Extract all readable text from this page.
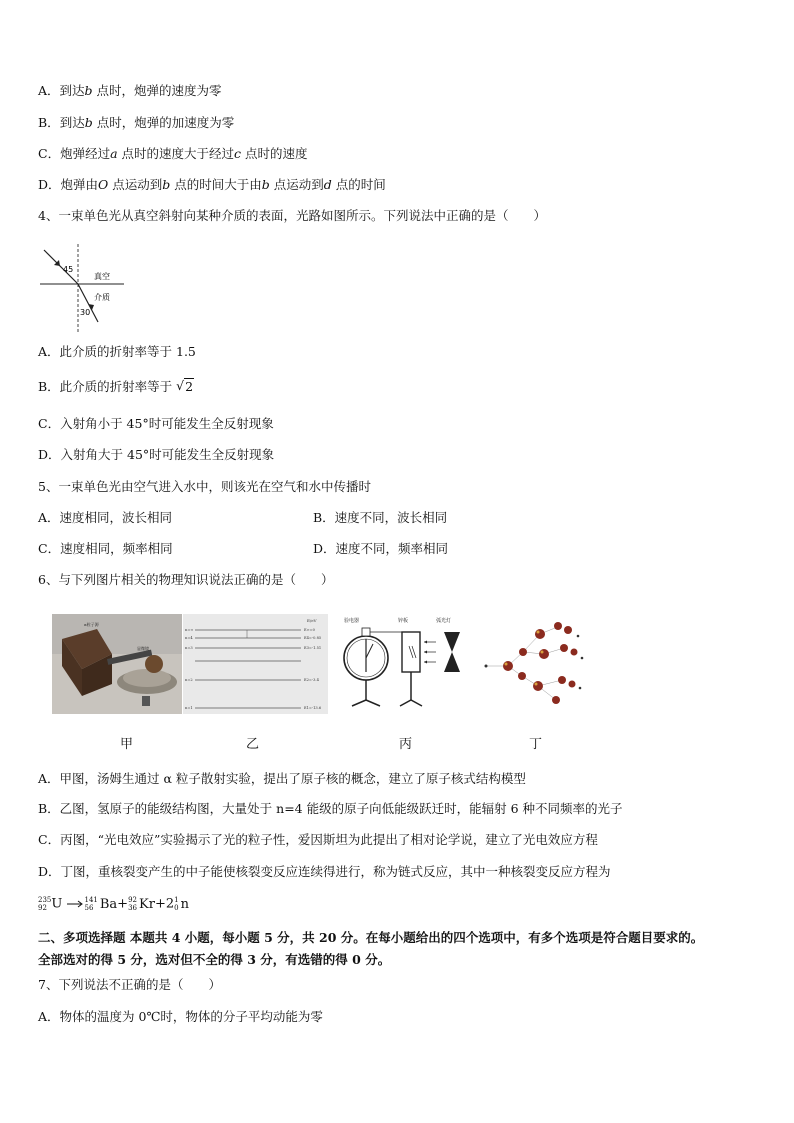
A．到达b 点时，炮弹的速度为零
B．到达b 点时，炮弹的加速度为零
C．炮弹经过a 点时的速度大于经过c 点时的速度
D．炮弹由O 点运动到b 点的时间大于由b 点运动到d 点的时间
4、一束单色光从真空斜射向某种介质的表面，光路如图所示。下列说法中正确的是（　　）
45
30
真空
介质
A．此介质的折射率等于 1.5
B．此介质的折射率等于 √ 2
C．入射角小于 45°时可能发生全反射现象
D．入射角大于 45°时可能发生全反射现象
5、一束单色光由空气进入水中，则该光在空气和水中传播时
A．速度相同，波长相同	B．速度不同，波长相同
C．速度相同，频率相同	D．速度不同，频率相同
6、与下列图片相关的物理知识说法正确的是（　　）
α粒子源
显微镜
E/eV
n=∞
n=4
n=3
n=2
n=1
E∞=0
E4=-0.85
E3=-1.51
E2=-3.4
E1=-13.6
验电器	锌板	弧光灯
甲	乙	丙	丁
A．甲图，汤姆生通过 α 粒子散射实验，提出了原子核的概念，建立了原子核式结构模型
B．乙图，氢原子的能级结构图，大量处于 n=4 能级的原子向低能级跃迁时，能辐射 6 种不同频率的光子
C．丙图，“光电效应”实验揭示了光的粒子性，爱因斯坦为此提出了相对论学说，建立了光电效应方程
D．丁图，重核裂变产生的中子能使核裂变反应连续得进行，称为链式反应，其中一种核裂变反应方程为
235
92 U → 141
56 Ba+ 92
36 Kr+2 1
0 n
二、多项选择题 本题共 4 小题，每小题 5 分，共 20 分。在每小题给出的四个选项中，有多个选项是符合题目要求的。
全部选对的得 5 分，选对但不全的得 3 分，有选错的得 0 分。
7、下列说法不正确的是（　　）
A．物体的温度为 0℃时，物体的分子平均动能为零
